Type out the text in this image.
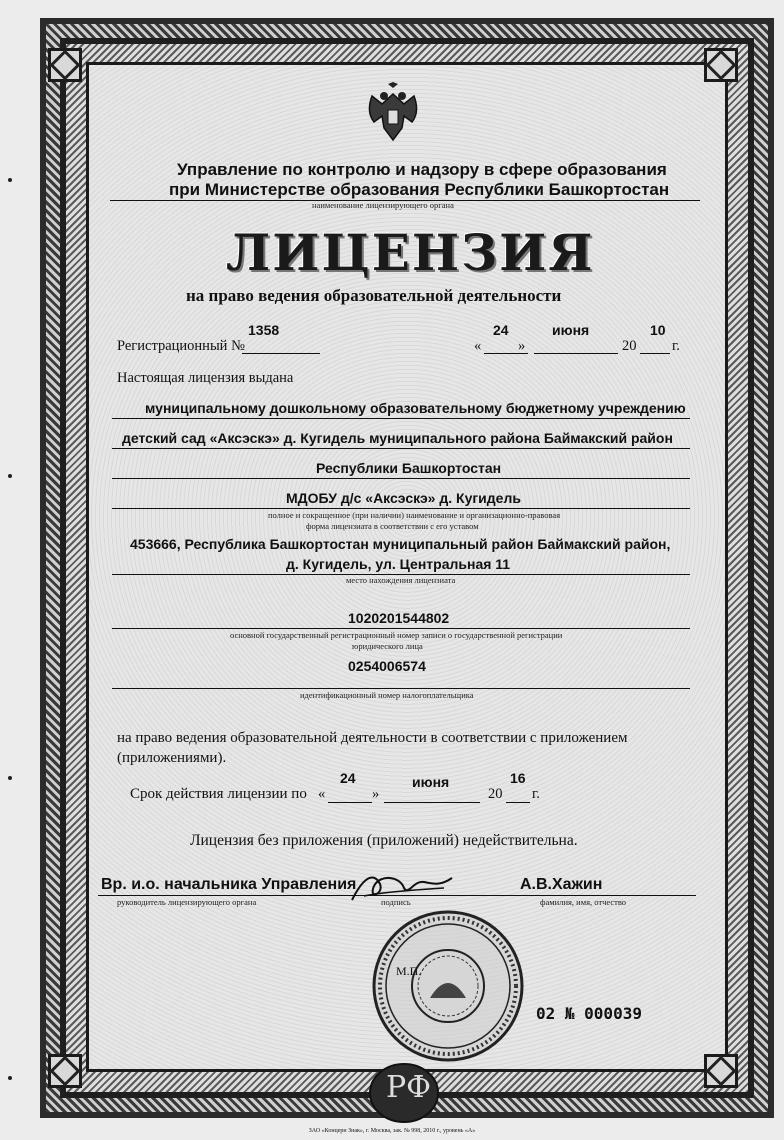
Управление по контролю и надзору в сфере образования
при Министерстве образования Республики Башкортостан
наименование лицензирующего органа
ЛИЦЕНЗИЯ
на право ведения образовательной деятельности
Регистрационный №
1358
«
24
»
июня
20
10
г.
Настоящая лицензия выдана
муниципальному дошкольному образовательному бюджетному учреждению
детский сад «Аксэскэ» д. Кугидель муниципального района Баймакский район
Республики Башкортостан
МДОБУ д/с «Аксэскэ» д. Кугидель
полное и сокращенное (при наличии) наименование и организационно-правовая
форма лицензиата в соответствии с его уставом
453666, Республика Башкортостан муниципальный район Баймакский район,
д. Кугидель, ул. Центральная 11
место нахождения лицензиата
1020201544802
основной государственный регистрационный номер записи о государственной регистрации
юридического лица
0254006574
идентификационный номер налогоплательщика
на право ведения образовательной деятельности в соответствии с приложением
(приложениями).
Срок действия лицензии по «
24
»
июня
20
16
г.
Лицензия без приложения (приложений) недействительна.
Вр. и.о. начальника Управления
руководитель лицензирующего органа	подпись
А.В.Хажин
фамилия, имя, отчество
М.П.
02 № 000039
РФ
ЗАО «Концерн Знак», г. Москва, зак. № 998, 2010 г., уровень «А»
